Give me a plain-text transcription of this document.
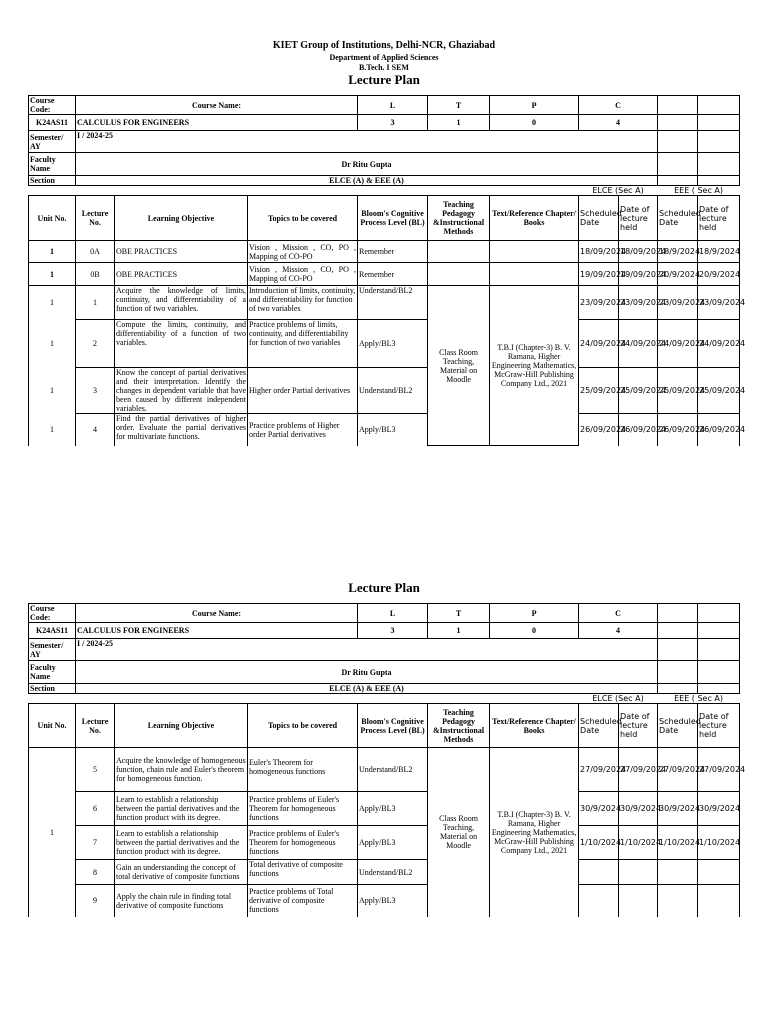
KIET Group of Institutions, Delhi-NCR, Ghaziabad
Department of Applied Sciences
B.Tech. I SEM
Lecture Plan
Course Code:	Course Name:			L	T	P	C			
K24AS11	CALCULUS FOR ENGINEERS			3	1	0	4			
Semester/ AY	I / 2024-25									
Faculty Name	Dr Ritu Gupta									
Section	ELCE (A) & EEE (A)									
							ELCE (Sec A)		EEE ( Sec A)	
Unit No.	Lecture No.	Learning Objective	Topics to be covered	Bloom's Cognitive Process Level (BL)	Teaching Pedagogy &Instructional Methods	Text/Reference Chapter/ Books	Scheduled Date	Date of lecture held	Scheduled Date	Date of lecture held
1	0A	OBE PRACTICES	Vision , Mission , CO, PO , Mapping of CO-PO	Remember			18/09/2024	18/09/2024	18/9/2024	18/9/2024
1	0B	OBE PRACTICES	Vision , Mission , CO, PO , Mapping of CO-PO	Remember			19/09/2024	19/09/2024	20/9/2024	20/9/2024
1	1	Acquire the knowledge of limits, continuity, and differentiability of a function of two variables.	Introduction of limits, continuity, and differentiability for function of two variables	Understand/BL2	Class Room Teaching, Material on Moodle	T.B.I (Chapter-3) B. V. Ramana, Higher Engineering Mathematics, McGraw-Hill Publishing Company Ltd., 2021	23/09/2024	23/09/2024	23/09/2024	23/09/2024
1	2	Compute the limits, continuity, and differentiability of a function of two variables.	Practice problems of limits, continuity, and differentiability for function of two variables	Apply/BL3			24/09/2024	24/09/2024	24/09/2024	24/09/2024
1	3	Know the concept of partial derivatives and their interpretation. Identify the changes in dependent variable that have been caused by different independent variables.	Higher order Partial derivatives	Understand/BL2			25/09/2024	25/09/2024	25/09/2024	25/09/2024
1	4	Find the partial derivatives of higher order. Evaluate the partial derivatives for multivariate functions.	Practice problems of Higher order Partial derivatives	Apply/BL3			26/09/2024	26/09/2024	26/09/2024	26/09/2024
Lecture Plan
Course Code:	Course Name:			L	T	P	C			
K24AS11	CALCULUS FOR ENGINEERS			3	1	0	4			
Semester/ AY	I / 2024-25									
Faculty Name	Dr Ritu Gupta									
Section	ELCE (A) & EEE (A)									
							ELCE (Sec A)		EEE ( Sec A)	
Unit No.	Lecture No.	Learning Objective	Topics to be covered	Bloom's Cognitive Process Level (BL)	Teaching Pedagogy &Instructional Methods	Text/Reference Chapter/ Books	Scheduled Date	Date of lecture held	Scheduled Date	Date of lecture held
1	5	Acquire the knowledge of homogeneous function, chain rule and Euler's theorem for homogeneous function.	Euler's Theorem for homogeneous functions	Understand/BL2	Class Room Teaching, Material on Moodle	T.B.I (Chapter-3) B. V. Ramana, Higher Engineering Mathematics, McGraw-Hill Publishing Company Ltd., 2021	27/09/2024	27/09/2024	27/09/2024	27/09/2024
	6	Learn to establish a relationship between the partial derivatives and the function product with its degree.	Practice problems of Euler's Theorem for homogeneous functions	Apply/BL3			30/9/2024	30/9/2024	30/9/2024	30/9/2024
	7	Learn to establish a relationship between the partial derivatives and the function product with its degree.	Practice problems of Euler's Theorem for homogeneous functions	Apply/BL3			1/10/2024	1/10/2024	1/10/2024	1/10/2024
	8	Gain an understanding the concept of total derivative of composite functions	Total derivative of composite functions	Understand/BL2						
	9	Apply the chain rule in finding total derivative of composite functions	Practice problems of Total derivative of composite functions	Apply/BL3						
